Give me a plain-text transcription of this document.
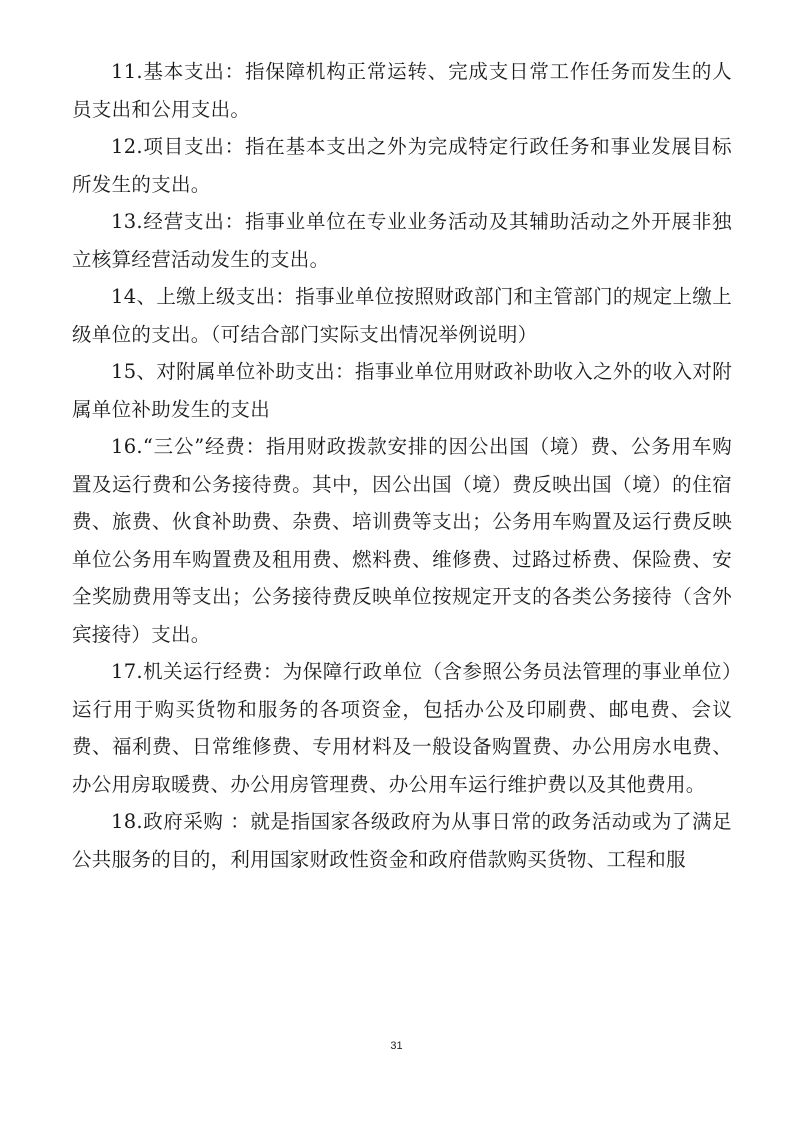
11.基本支出：指保障机构正常运转、完成支日常工作任务而发生的人员支出和公用支出。

12.项目支出：指在基本支出之外为完成特定行政任务和事业发展目标所发生的支出。

13.经营支出：指事业单位在专业业务活动及其辅助活动之外开展非独立核算经营活动发生的支出。

14、上缴上级支出：指事业单位按照财政部门和主管部门的规定上缴上级单位的支出。（可结合部门实际支出情况举例说明）

15、对附属单位补助支出：指事业单位用财政补助收入之外的收入对附属单位补助发生的支出

16.“三公”经费：指用财政拨款安排的因公出国（境）费、公务用车购置及运行费和公务接待费。其中，因公出国（境）费反映出国（境）的住宿费、旅费、伙食补助费、杂费、培训费等支出；公务用车购置及运行费反映单位公务用车购置费及租用费、燃料费、维修费、过路过桥费、保险费、安全奖励费用等支出；公务接待费反映单位按规定开支的各类公务接待（含外宾接待）支出。

17.机关运行经费：为保障行政单位（含参照公务员法管理的事业单位）运行用于购买货物和服务的各项资金，包括办公及印刷费、邮电费、会议费、福利费、日常维修费、专用材料及一般设备购置费、办公用房水电费、办公用房取暖费、办公用房管理费、办公用车运行维护费以及其他费用。

18.政府采购 ：就是指国家各级政府为从事日常的政务活动或为了满足公共服务的目的，利用国家财政性资金和政府借款购买货物、工程和服

31
